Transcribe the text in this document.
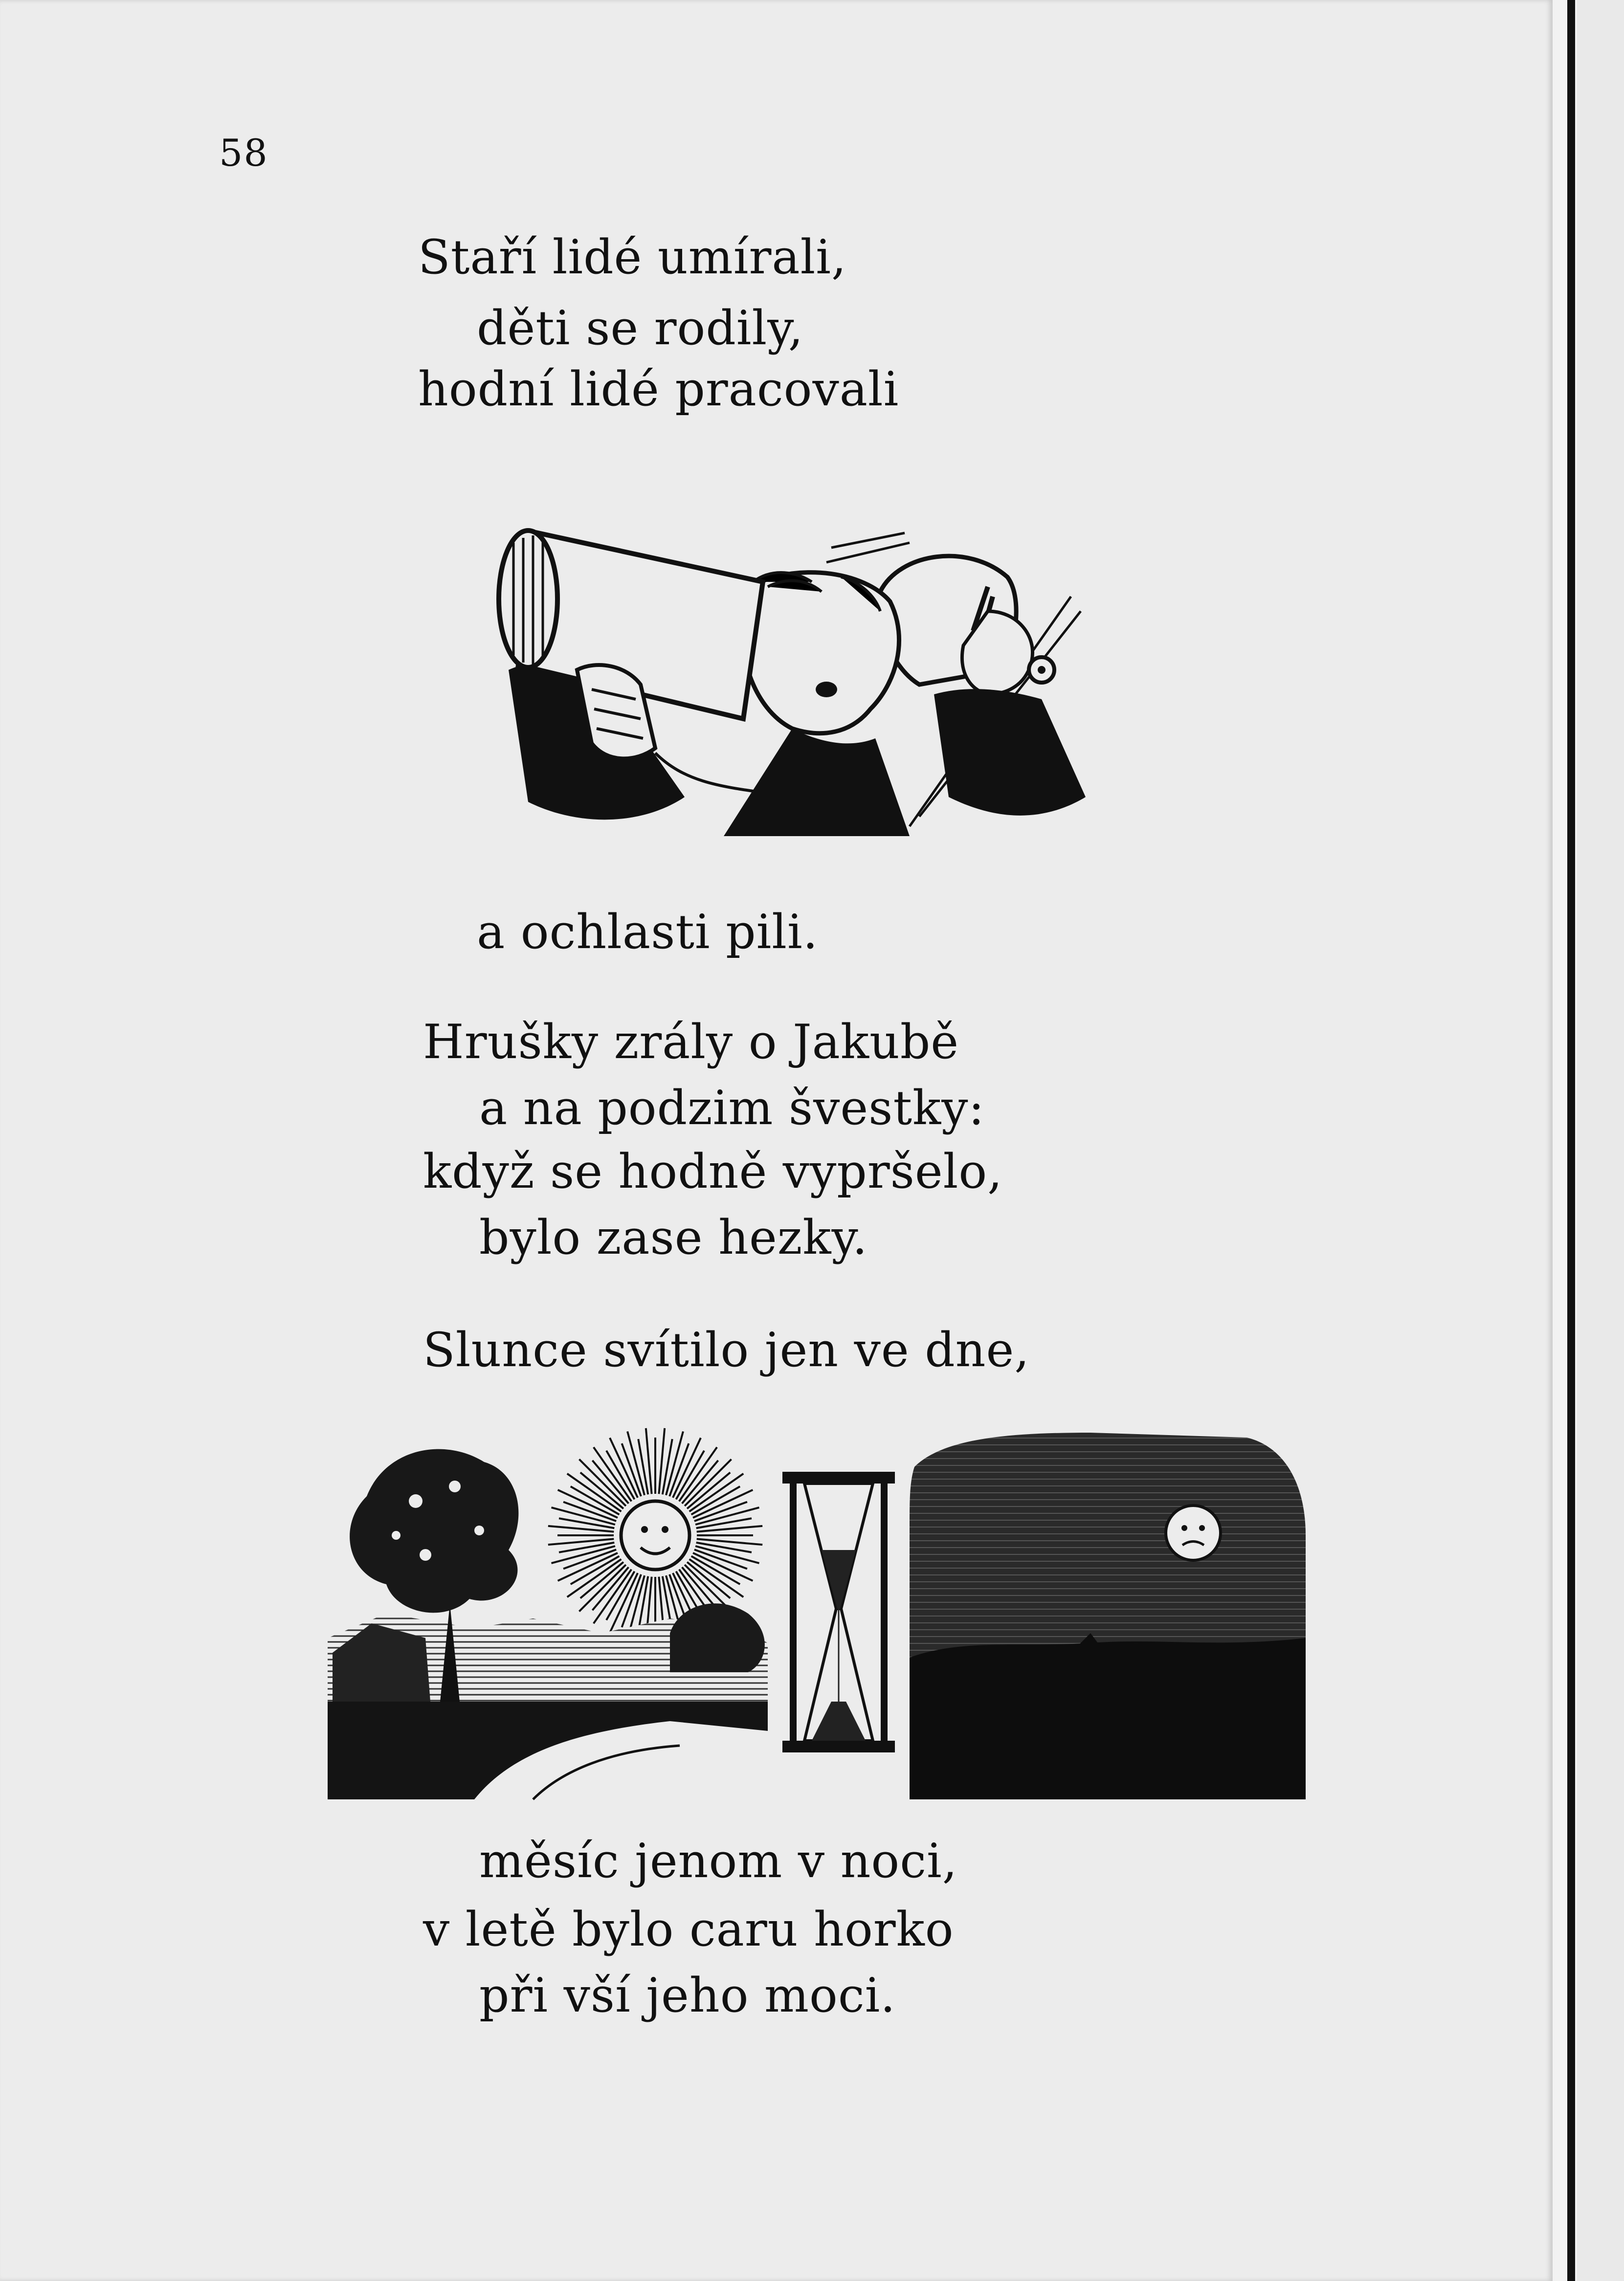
58
Staří lidé umírali,
děti se rodily,
hodní lidé pracovali
a ochlasti pili.
Hrušky zrály o Jakubě
a na podzim švestky:
když se hodně vypršelo,
bylo zase hezky.
Slunce svítilo jen ve dne,
měsíc jenom v noci,
v letě bylo caru horko
při vší jeho moci.
